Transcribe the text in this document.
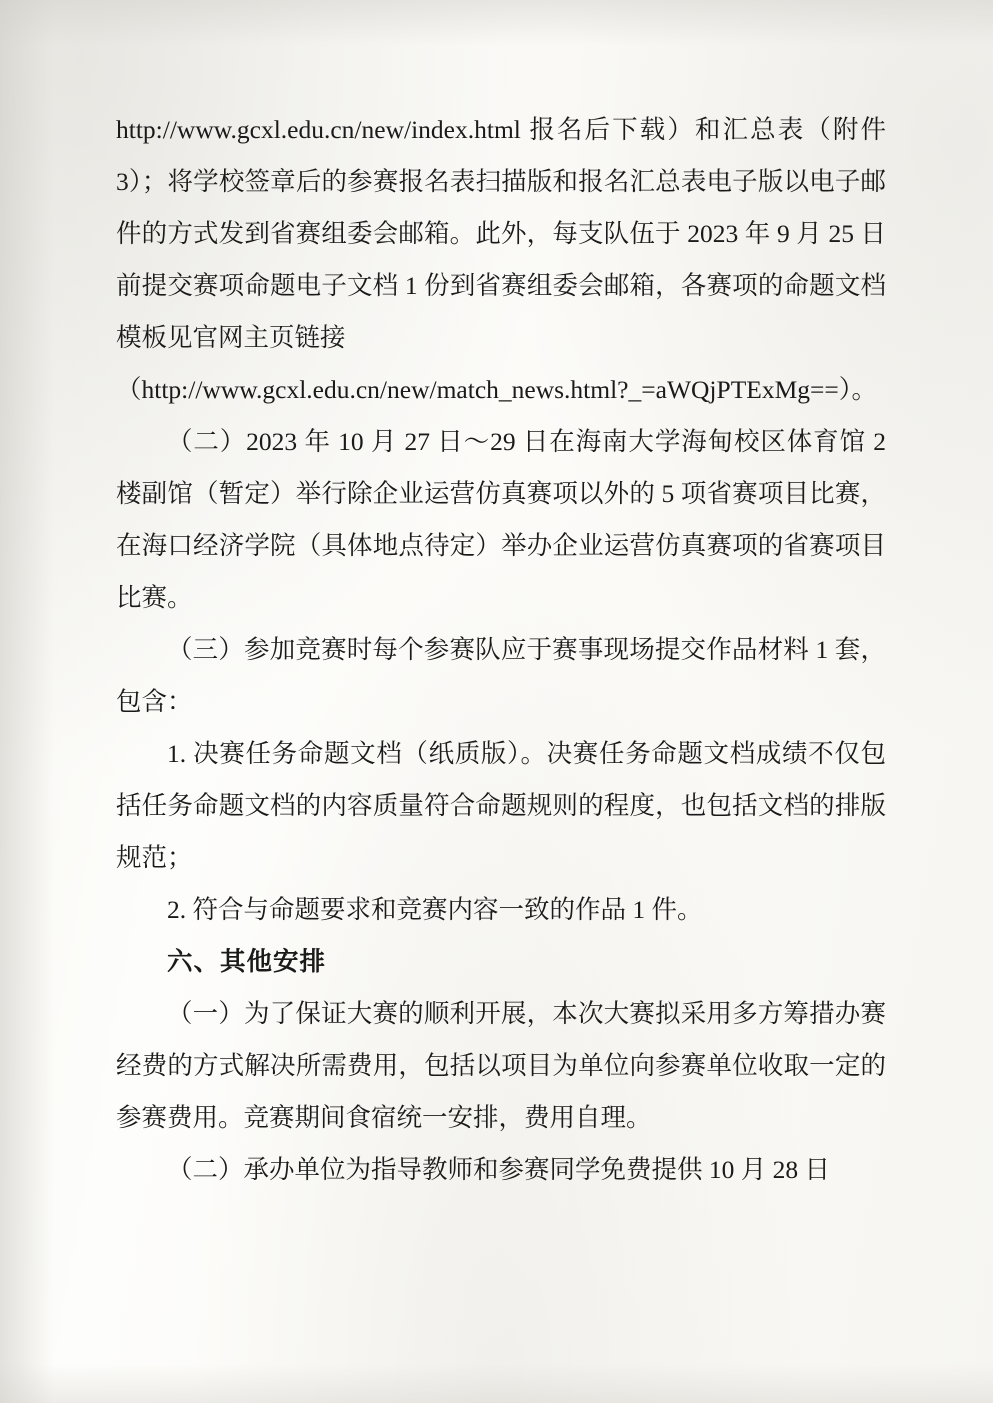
http://www.gcxl.edu.cn/new/index.html 报名后下载）和汇总表（附件 3）；将学校签章后的参赛报名表扫描版和报名汇总表电子版以电子邮件的方式发到省赛组委会邮箱。此外，每支队伍于 2023 年 9 月 25 日前提交赛项命题电子文档 1 份到省赛组委会邮箱，各赛项的命题文档模板见官网主页链接

（http://www.gcxl.edu.cn/new/match_news.html?_=aWQjPTExMg==）。

（二）2023 年 10 月 27 日～29 日在海南大学海甸校区体育馆 2 楼副馆（暂定）举行除企业运营仿真赛项以外的 5 项省赛项目比赛，在海口经济学院（具体地点待定）举办企业运营仿真赛项的省赛项目比赛。

（三）参加竞赛时每个参赛队应于赛事现场提交作品材料 1 套，包含：

1. 决赛任务命题文档（纸质版）。决赛任务命题文档成绩不仅包括任务命题文档的内容质量符合命题规则的程度，也包括文档的排版规范；

2. 符合与命题要求和竞赛内容一致的作品 1 件。

六、其他安排

（一）为了保证大赛的顺利开展，本次大赛拟采用多方筹措办赛经费的方式解决所需费用，包括以项目为单位向参赛单位收取一定的参赛费用。竞赛期间食宿统一安排，费用自理。

（二）承办单位为指导教师和参赛同学免费提供 10 月 28 日
